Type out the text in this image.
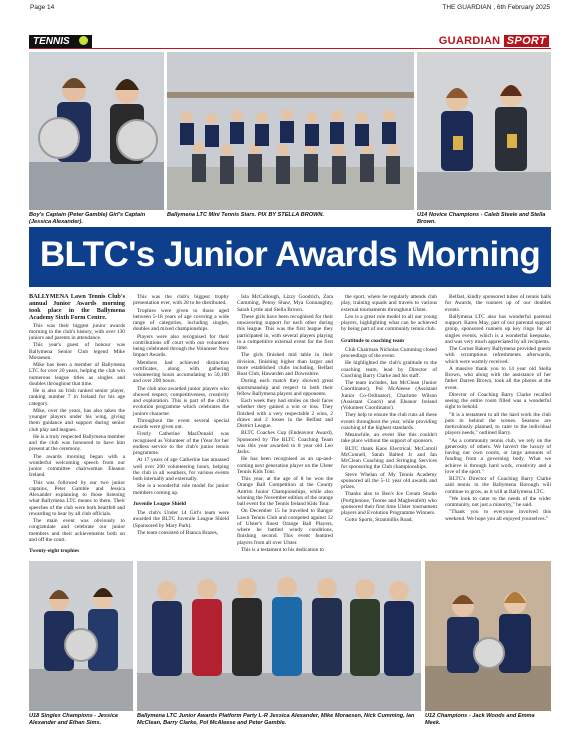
Page 14	THE GUARDIAN , 6th February 2025
TENNIS	GUARDIAN SPORT
Boy's Captain (Peter Gamble) Girl's Captain (Jessica Alexander).
Ballymena LTC Mini Tennis Stars. PIX BY STELLA BROWN.	U14 Novice Champions - Caleb Steele and Stella Brown.
BLTC's Junior Awards Morning

BALLYMENA Lawn Tennis Club's annual Junior Awards morning took place in the Ballymena Academy Sixth Form Centre.

This was their biggest junior awards morning in the club's history, with over 130 juniors and parents in attendance.

This year's guest of honour was Ballymena Senior Club legend Mike Moraesen.

Mike has been a member of Ballymena LTC for over 20 years, helping the club win numerous league titles as singles and doubles throughout that time.

He is also an Irish ranked senior player, ranking number 7 in Ireland for his age category.

Mike, over the years, has also taken the younger players under his wing, giving them guidance and support during senior club play and leagues.

He is a truly respected Ballymena member and the club was honoured to have him present at the ceremony.

The awards morning began with a wonderful welcoming speech from our junior committee chairwoman Eleanor Ireland.

This was followed by our two junior captains, Peter Gamble and Jessica Alexander explaining to those listening what Ballymena LTC means to them. Their speeches of the club were both heartfelt and rewarding to hear by all club officials.

The main event was obviously to congratulate and celebrate our junior members and their achievements both on and off the court.

Twenty-eight trophies

This was the club's biggest trophy presentation ever, with 28 to be distributed.

Trophies were given to those aged between 5-18 years of age covering a wide range of categories, including singles, doubles and mixed championships.

Players were also recognised for their contributions off court with our volunteers being celebrated through the Volunteer Now Impact Awards.

Members had achieved distinction certificates, along with gathering volunteering hours accumulating to 50,100 and over 200 hours.

The club also awarded junior players who showed respect, competitiveness, creativity and exploration. This is part of the club's evolution programme which celebrates the juniors character.

Throughout the event several special awards were given out.

Firstly Catherine MacDonald was recognised as Volunteer of the (Year for her endless service to the club's junior tennis programme.

At 17 years of age Catherine has amassed well over 200 volunteering hours, helping the club in all weathers, for various events both internally and externally.

She is a wonderful role model for junior members coming up.

Juvenile League Shield

The club's Under 14 Girl's team were awarded the BLTC Juvenile League Shield (Sponsored by Mary Park).

The team consisted of Bianca Brazes,

Isla McCullough, Lizzy Goodrich, Zara Cumming, Penny Shaw, Mya Connaughty, Sarah Lyttle and Stella Brown.

These girls have been recognised for their unwavering support for each other during this league. This was the first league they participated in, with several players playing in a competitive external event for the first time.

The girls finished mid table in their division, finishing higher than larger and more established clubs including, Belfast Boat Club, Hawarden and Downshire.

During each match they showed great sportsmanship and respect to both their fellow Ballymena players and opponents.

Each week they had smiles on their faces whether they gained a win or loss. They finished with a very respectable 2 wins, 2 draws and 2 losses in the Belfast and District League.

BLTC Coaches Cup (Endeavour Award), Sponsored by The BLTC Coaching Team was this year awarded to 8 year old Leo Jacks.

He has been recognised as an up-and-coming next generation player on the Ulster Tennis Kids Tour.

This year, at the age of 8 he won the Orange Ball Competition at the County Antrim Junior Championships, while also winning the November edition of the orange ball event for the Tennis Ireland Kids Tour.

On December 15 he travelled to Bangor Lawn Tennis Club and competed against 12 of Ulster's finest Orange Ball Players, where he battled windy conditions, finishing second. This event featured players from all over Ulster.

This is a testament to his dedication to

the sport, where he regularly attends club play, training squads and travels to various external tournaments throughout Ulster.

Leo is a great role model to all our young players, highlighting what can be achieved by being part of our community tennis club.

Gratitude to coaching team

Club Chairman Nicholas Cumming closed proceedings of the event.

He highlighted the club's gratitude to the coaching team, lead by Director of Coaching Barry Clarke and his staff.

The team includes, Ian McClean (Junior Coordinator), Pol McAleese (Assistant Junior Co-Ordinator), Charlotte Wilson (Assistant Coach) and Eleanor Ireland (Volunteer Coordinator).

They help to ensure the club runs all these events throughout the year, while providing coaching of the highest standards.

Meanwhile, an event like this couldn't take place without the support of sponsors.

BLTC thank Kaos Electrical, McCarroll McConnell, Sarah Balted Jr and Ian McClean Coaching and Stringing Services for sponsoring the Club championships.

Steve Whelan of My Tennis Academy sponsored all the 5-11 year old awards and prizes.

Thanks also to Ben's Ice Cream Studio (Portglenone, Toome and Magherafelt) who sponsored their first time Ulster tournament players and Evolution Programme Winners.

Gotto Sports, Stranmillis Road,

Belfast, kindly sponsored tubes of tennis balls for Awards, the runners up of our doubles events.

Ballymena LTC also has wonderful parental support. Karen May, part of our parental support group, sponsored runners up key rings for all singles events, which is a wonderful keepsake, and was very much appreciated by all recipients.

The Corner Bakery Ballymena provided guests with scrumptious refreshments afterwards, which were warmly received.

A massive thank you to 14 year old Stella Brown, who along with the assistance of her father Darren Brown, took all the photos at the event.

Director of Coaching Barry Clarke recalled seeing the entire room filled was a wonderful sight to behold.

"It is a testament to all the hard work the club puts in behind the scenes. Seasons are meticulously planned, to cater to the individual players needs," outlined Barry.

"As a community tennis club, we rely on the generosity of others. We haven't the luxury of having our own courts, or large amounts of funding from a governing body. What we achieve is through hard work, creativity and a love of the sport."

BLTC's Director of Coaching Barry Clarke said tennis in the Ballymena Borough will continue to grow, as it will at Ballymena LTC.

"We look to cater to the needs of the wider community, not just a minority," he said.

"Thank you to everyone involved this weekend. We hope you all enjoyed yourselves."

U18 Singles Champions - Jessica Alexander and Ethan Sims.
Ballymena LTC Junior Awards Platform Party L-R Jessica Alexander, Mike Moraesen, Nick Cumming, Ian McClean, Barry Clarke, Pol McAleese and Peter Gamble.
U12 Champions - Jack Woods and Emma Meek.
